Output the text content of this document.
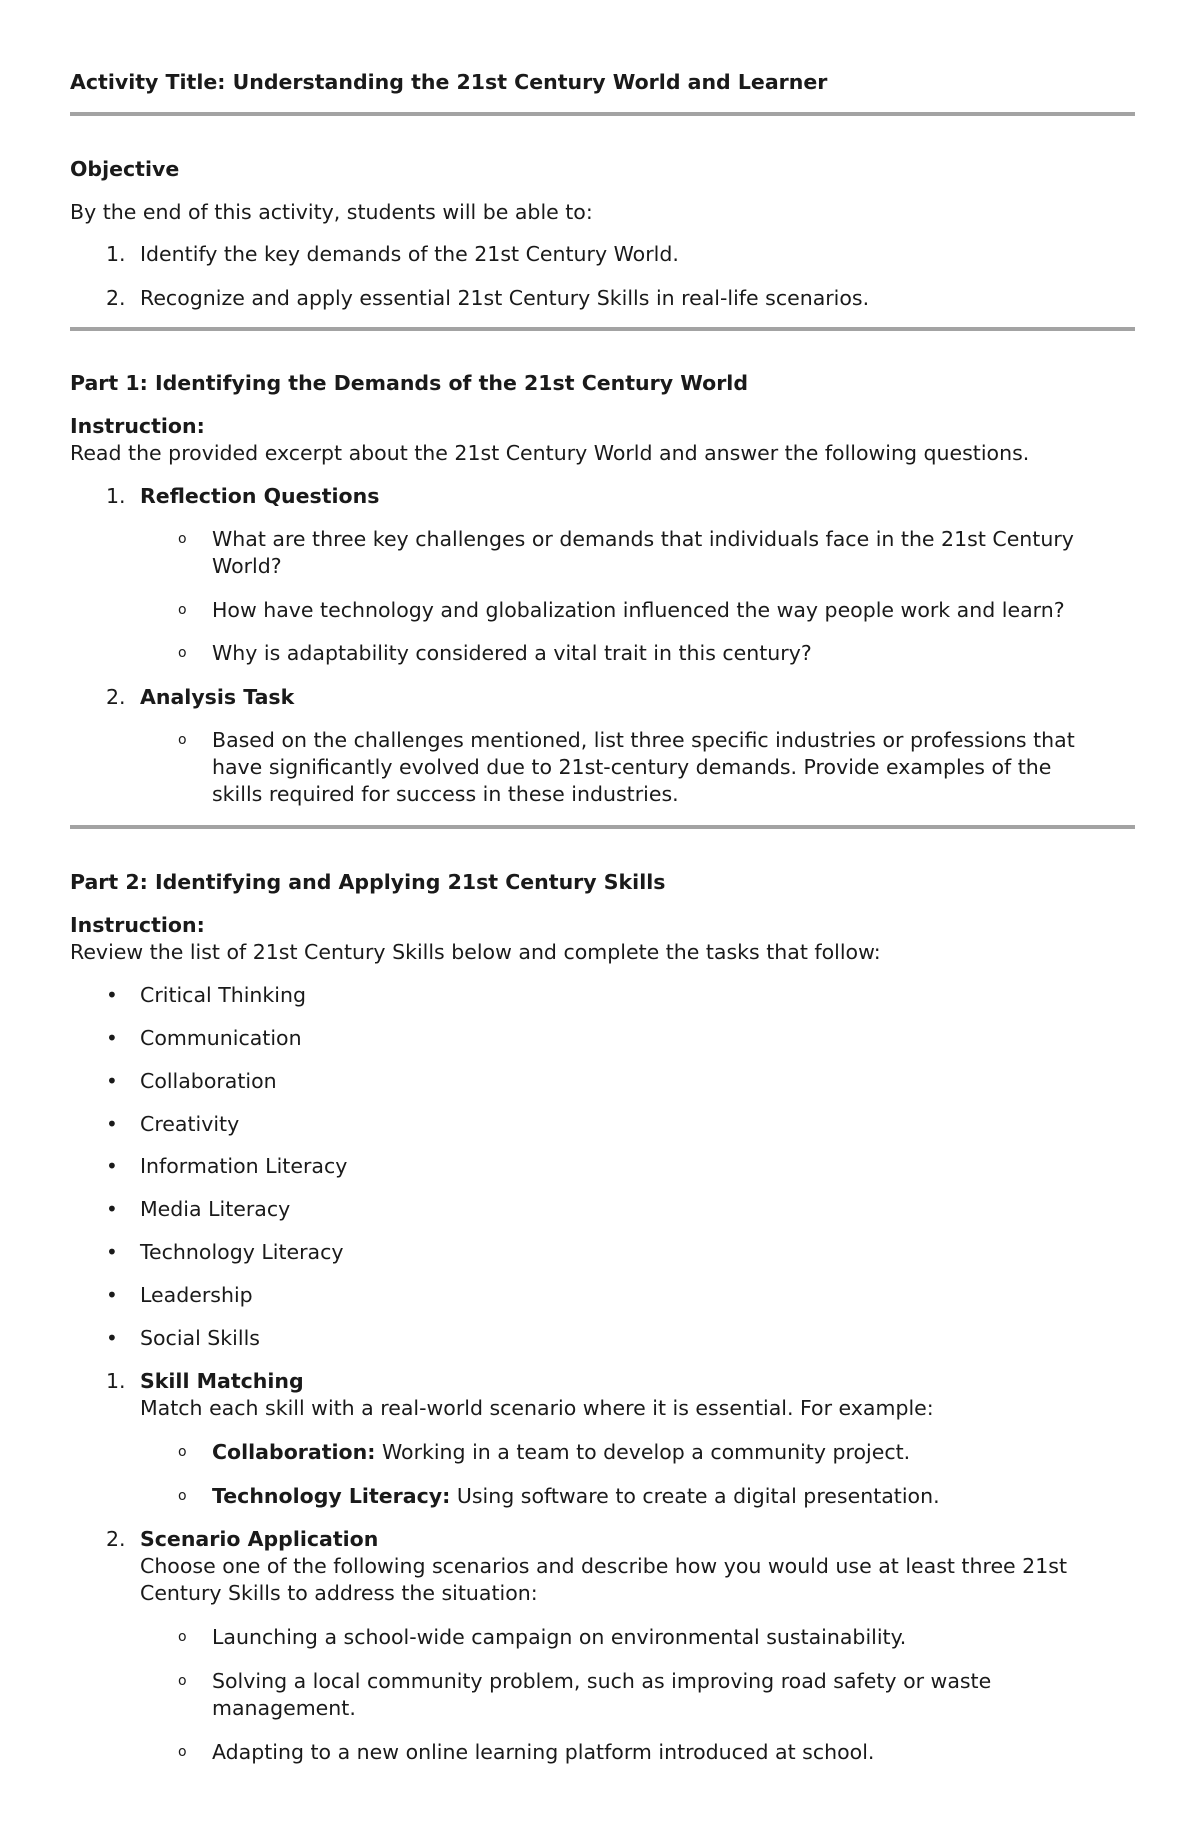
Activity Title: Understanding the 21st Century World and Learner
Objective
By the end of this activity, students will be able to:
1. Identify the key demands of the 21st Century World.
2. Recognize and apply essential 21st Century Skills in real-life scenarios.
Part 1: Identifying the Demands of the 21st Century World
Instruction:
Read the provided excerpt about the 21st Century World and answer the following questions.
1. Reflection Questions
o What are three key challenges or demands that individuals face in the 21st Century
World?
o How have technology and globalization influenced the way people work and learn?
o Why is adaptability considered a vital trait in this century?
2. Analysis Task
o Based on the challenges mentioned, list three specific industries or professions that
have significantly evolved due to 21st-century demands. Provide examples of the
skills required for success in these industries.
Part 2: Identifying and Applying 21st Century Skills
Instruction:
Review the list of 21st Century Skills below and complete the tasks that follow:
• Critical Thinking
• Communication
• Collaboration
• Creativity
• Information Literacy
• Media Literacy
• Technology Literacy
• Leadership
• Social Skills
1. Skill Matching
Match each skill with a real-world scenario where it is essential. For example:
o Collaboration: Working in a team to develop a community project.
o Technology Literacy: Using software to create a digital presentation.
2. Scenario Application
Choose one of the following scenarios and describe how you would use at least three 21st
Century Skills to address the situation:
o Launching a school-wide campaign on environmental sustainability.
o Solving a local community problem, such as improving road safety or waste
management.
o Adapting to a new online learning platform introduced at school.
